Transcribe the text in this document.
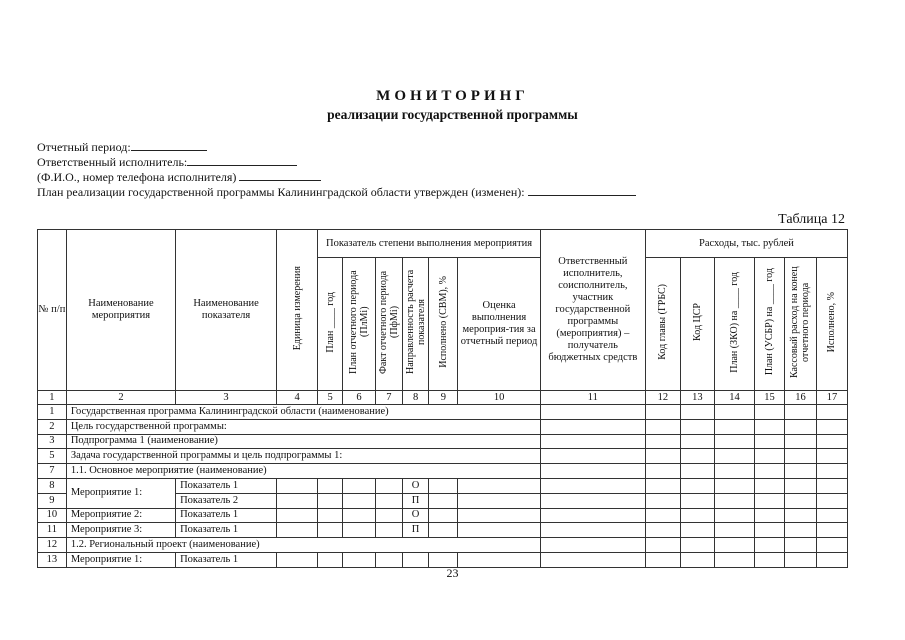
МОНИТОРИНГ
реализации государственной программы
Отчетный период:
Ответственный исполнитель:
(Ф.И.О., номер телефона исполнителя)
План реализации государственной программы Калининградской области утвержден (изменен):
Таблица 12
№ п/п	Наименование мероприятия	Наименование показателя	Единица измерения	Показатель степени выполнения мероприятия						Ответственный исполнитель, соисполнитель, участник государственной программы (мероприятия) – получатель бюджетных средств	Расходы, тыс. рублей					
				План ____ год	План отчетного периода (ПлМi)	Факт отчетного периода (ПфМi)	Направленность расчета показателя	Исполнено (СВМ), %	Оценка выполнения мероприя-тия за отчетный период		Код главы (ГРБС)	Код ЦСР	План (ЗКО) на ____ год	План (УСБР) на ____ год	Кассовый расход на конец отчетного периода	Исполнено, %
1	2	3	4	5	6	7	8	9	10	11	12	13	14	15	16	17
1	Государственная программа Калининградской области (наименование)															
2	Цель государственной программы:															
3	Подпрограмма 1 (наименование)															
5	Задача государственной программы и цель подпрограммы 1:															
7	1.1. Основное мероприятие (наименование)															
8	Мероприятие 1:	Показатель 1					О									
9		Показатель 2					П									
10	Мероприятие 2:	Показатель 1					О									
11	Мероприятие 3:	Показатель 1					П									
12	1.2. Региональный проект (наименование)															
13	Мероприятие 1:	Показатель 1														
23
